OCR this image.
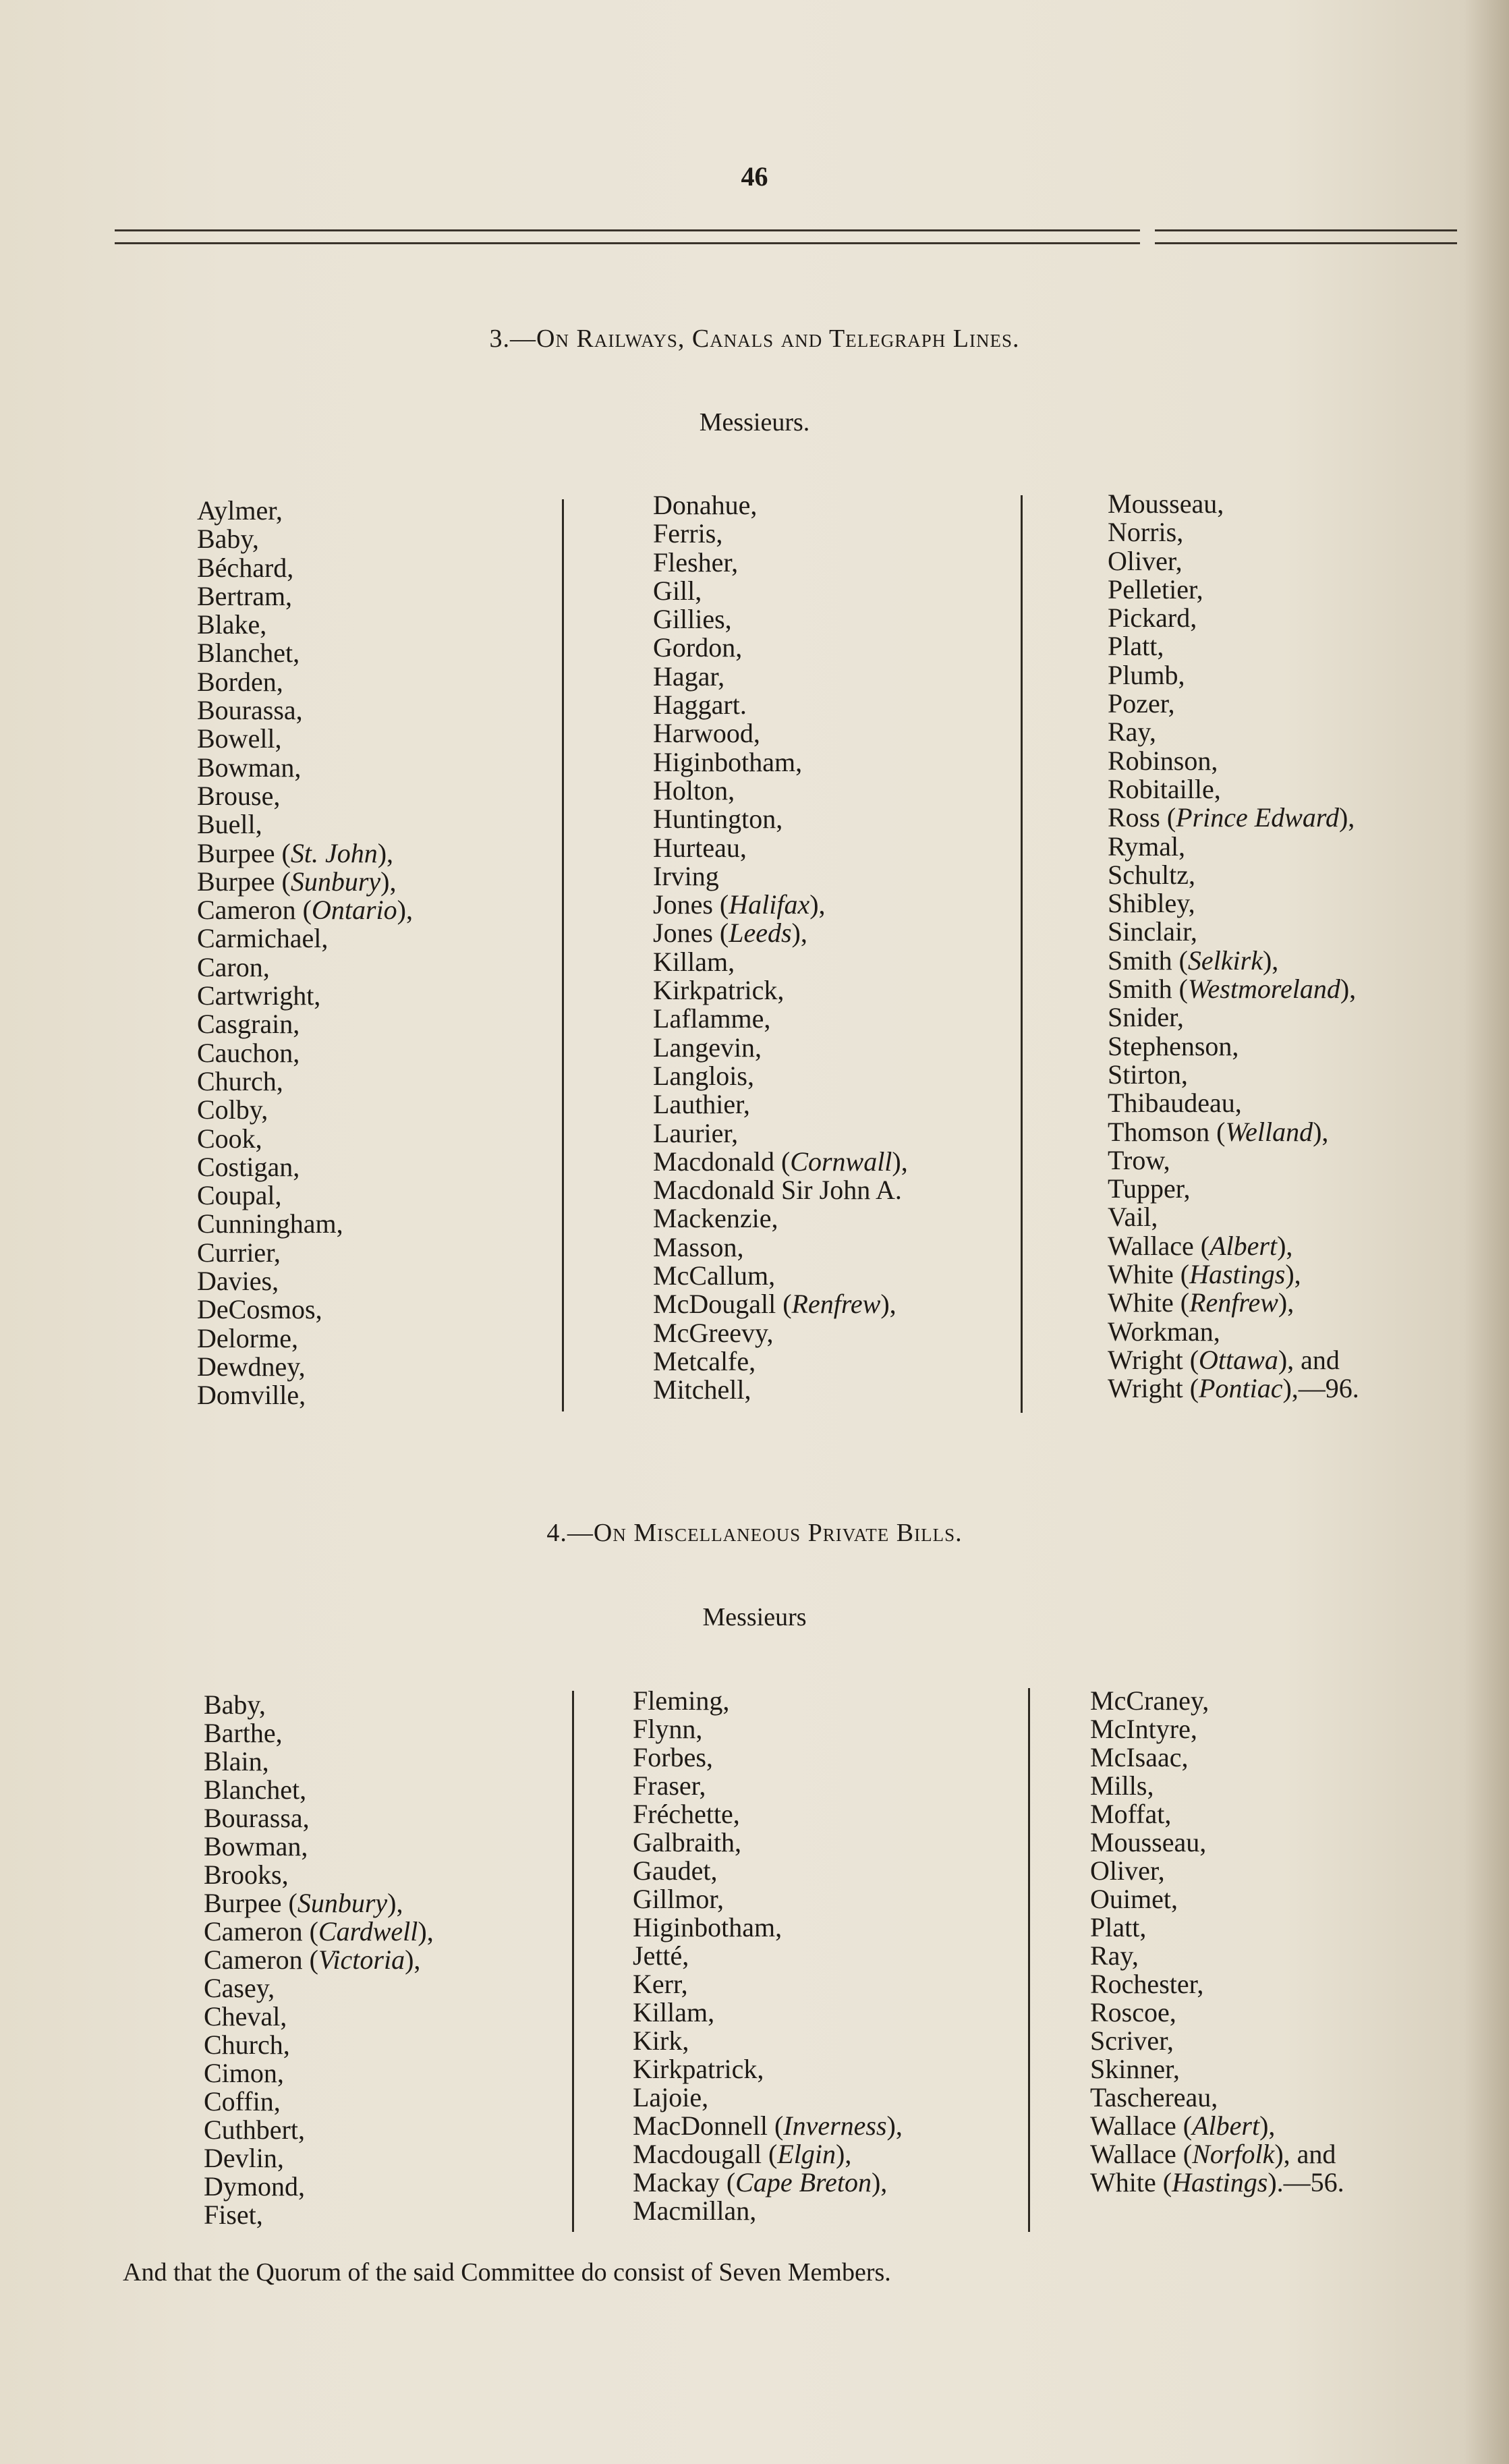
46
3.—On Railways, Canals and Telegraph Lines.
Messieurs.
Aylmer,
Baby,
Béchard,
Bertram,
Blake,
Blanchet,
Borden,
Bourassa,
Bowell,
Bowman,
Brouse,
Buell,
Burpee (St. John),
Burpee (Sunbury),
Cameron (Ontario),
Carmichael,
Caron,
Cartwright,
Casgrain,
Cauchon,
Church,
Colby,
Cook,
Costigan,
Coupal,
Cunningham,
Currier,
Davies,
DeCosmos,
Delorme,
Dewdney,
Domville,
Donahue,
Ferris,
Flesher,
Gill,
Gillies,
Gordon,
Hagar,
Haggart.
Harwood,
Higinbotham,
Holton,
Huntington,
Hurteau,
Irving
Jones (Halifax),
Jones (Leeds),
Killam,
Kirkpatrick,
Laflamme,
Langevin,
Langlois,
Lauthier,
Laurier,
Macdonald (Cornwall),
Macdonald Sir John A.
Mackenzie,
Masson,
McCallum,
McDougall (Renfrew),
McGreevy,
Metcalfe,
Mitchell,
Mousseau,
Norris,
Oliver,
Pelletier,
Pickard,
Platt,
Plumb,
Pozer,
Ray,
Robinson,
Robitaille,
Ross (Prince Edward),
Rymal,
Schultz,
Shibley,
Sinclair,
Smith (Selkirk),
Smith (Westmoreland),
Snider,
Stephenson,
Stirton,
Thibaudeau,
Thomson (Welland),
Trow,
Tupper,
Vail,
Wallace (Albert),
White (Hastings),
White (Renfrew),
Workman,
Wright (Ottawa), and
Wright (Pontiac),—96.
4.—On Miscellaneous Private Bills.
Messieurs
Baby,
Barthe,
Blain,
Blanchet,
Bourassa,
Bowman,
Brooks,
Burpee (Sunbury),
Cameron (Cardwell),
Cameron (Victoria),
Casey,
Cheval,
Church,
Cimon,
Coffin,
Cuthbert,
Devlin,
Dymond,
Fiset,
Fleming,
Flynn,
Forbes,
Fraser,
Fréchette,
Galbraith,
Gaudet,
Gillmor,
Higinbotham,
Jetté,
Kerr,
Killam,
Kirk,
Kirkpatrick,
Lajoie,
MacDonnell (Inverness),
Macdougall (Elgin),
Mackay (Cape Breton),
Macmillan,
McCraney,
McIntyre,
McIsaac,
Mills,
Moffat,
Mousseau,
Oliver,
Ouimet,
Platt,
Ray,
Rochester,
Roscoe,
Scriver,
Skinner,
Taschereau,
Wallace (Albert),
Wallace (Norfolk), and
White (Hastings).—56.
And that the Quorum of the said Committee do consist of Seven Members.
